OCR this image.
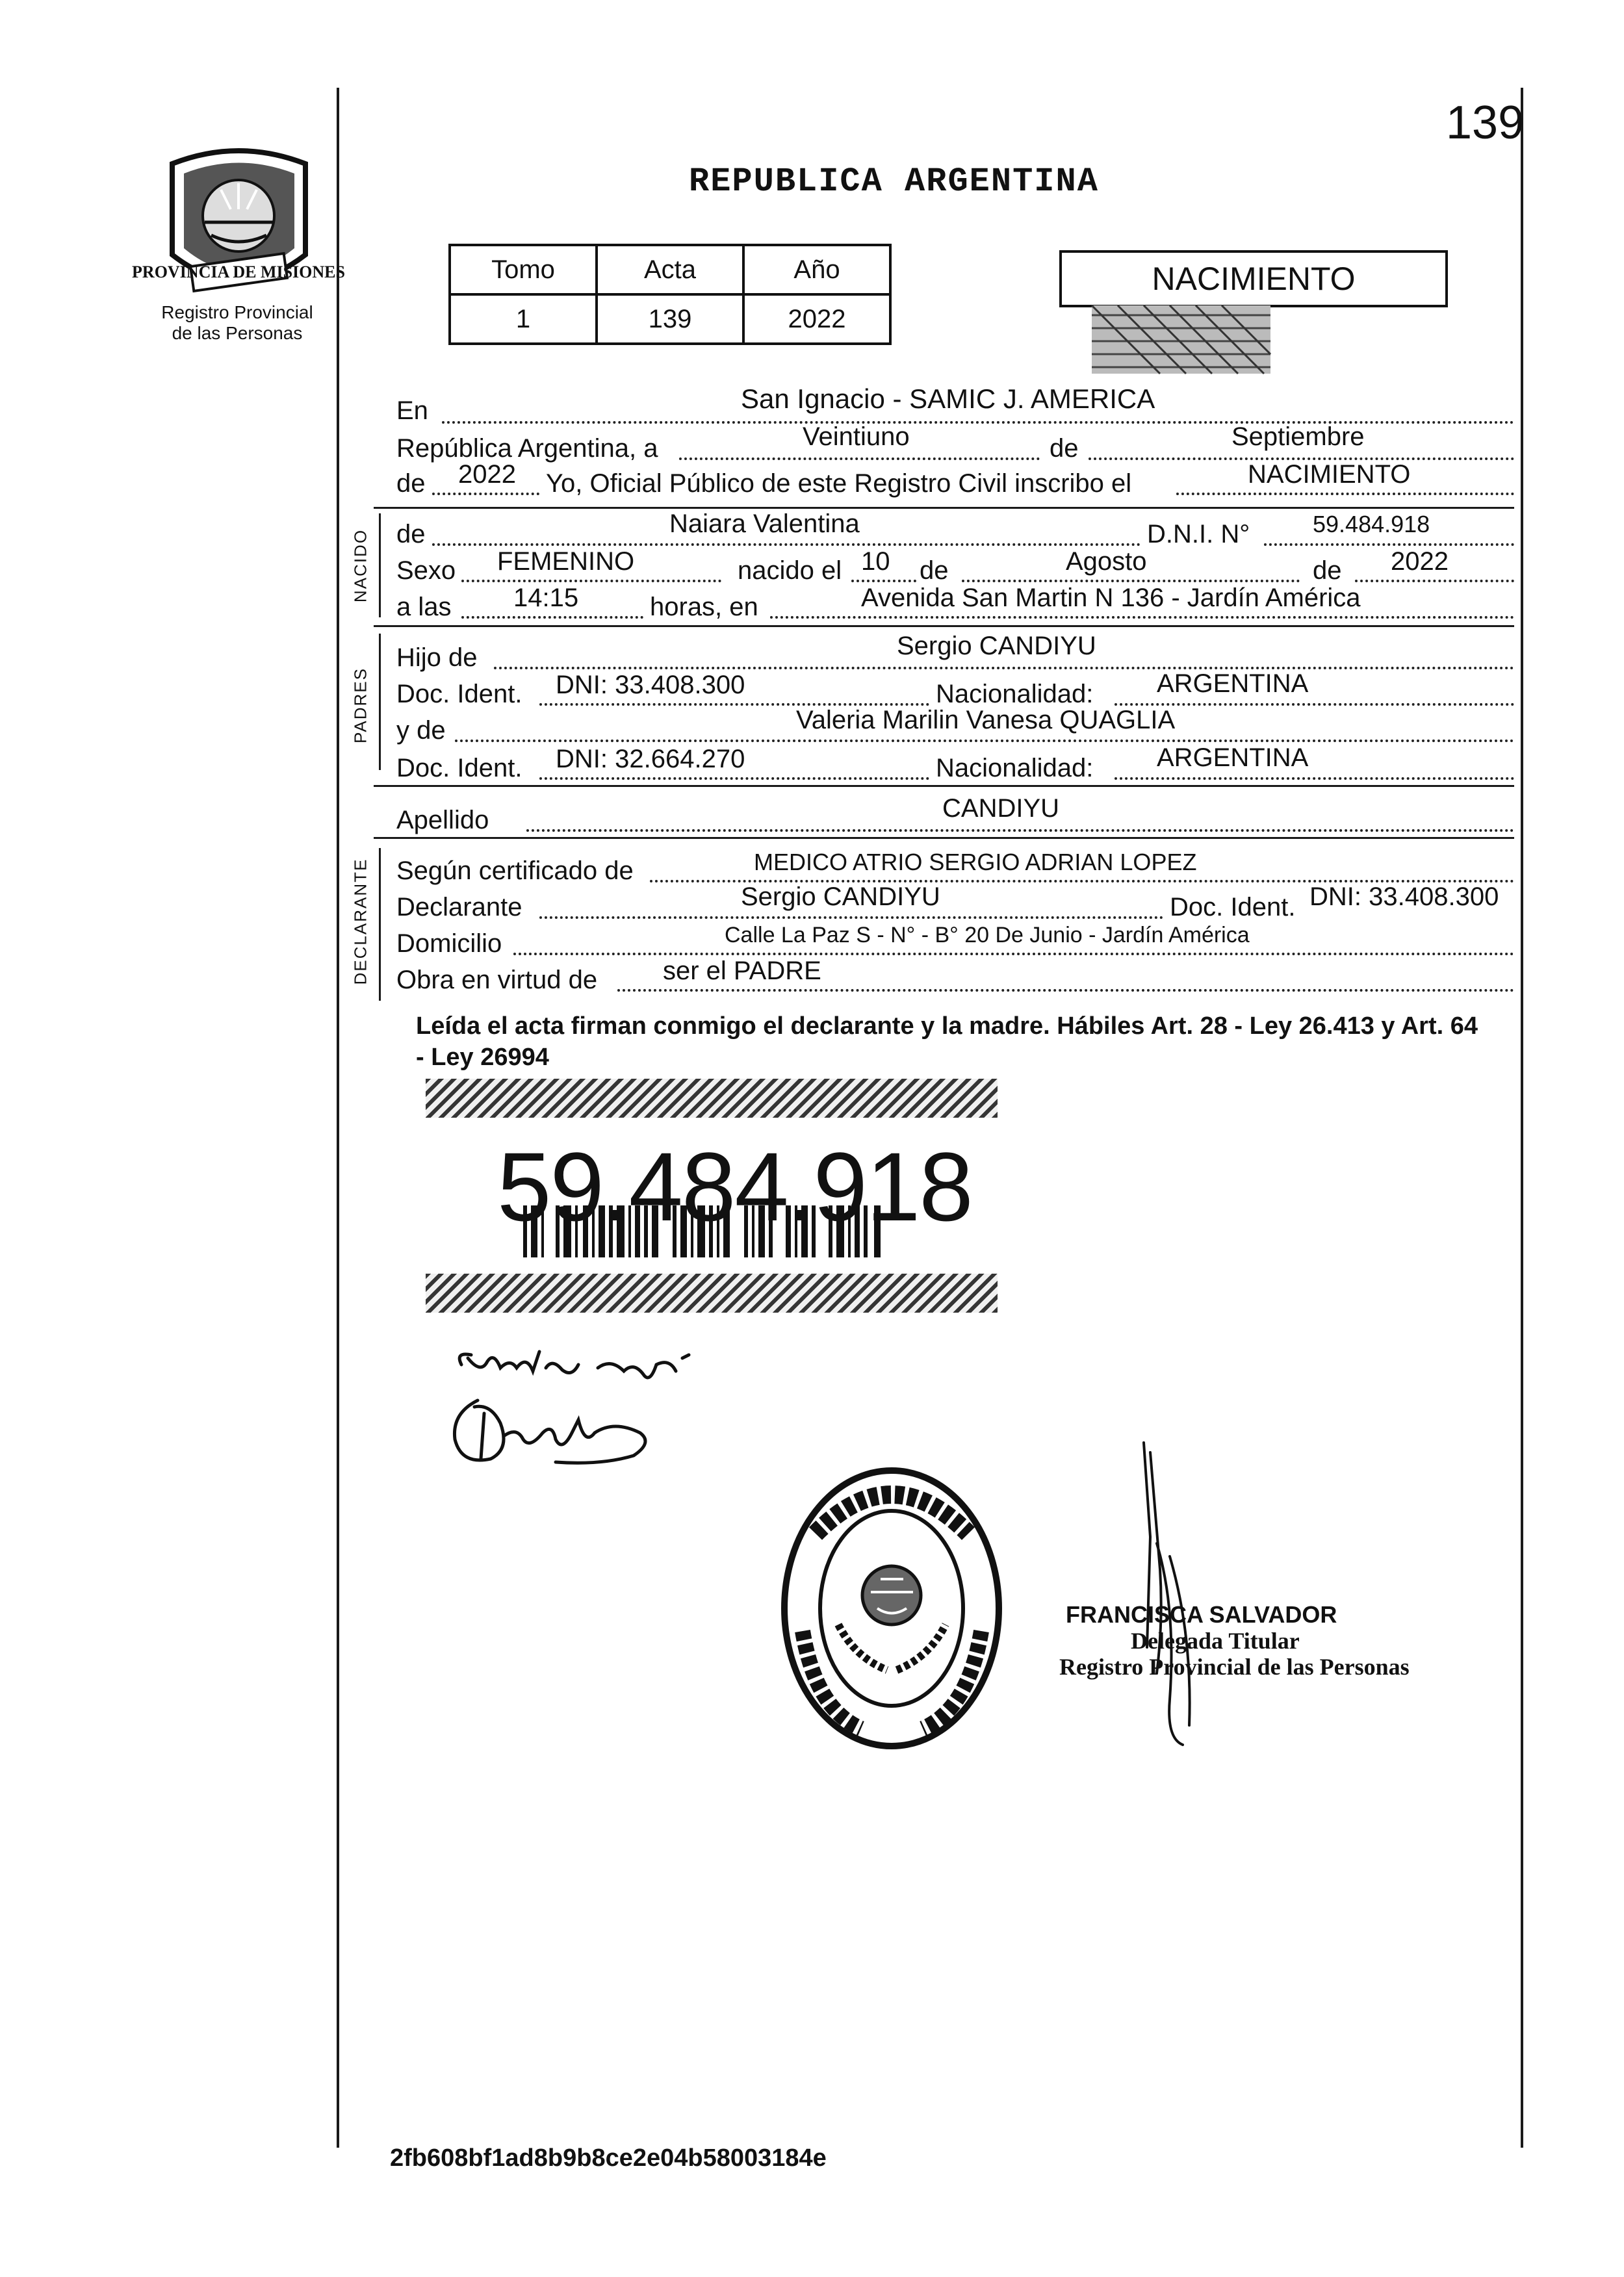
139
PROVINCIA DE MISIONES
Registro Provincial
de las Personas
REPUBLICA ARGENTINA
Tomo	Acta	Año
1	139	2022
NACIMIENTO
En	San Ignacio - SAMIC J. AMERICA
República Argentina, a	Veintiuno	de	Septiembre
de 2022 Yo, Oficial Público de este Registro Civil inscribo el	NACIMIENTO
NACIDO de	Naiara Valentina	D.N.I. N°	59.484.918
Sexo FEMENINO	nacido el 10 de	Agosto	de 2022
a las 14:15	horas, en	Avenida San Martin N 136 - Jardín América
PADRES
Hijo de	Sergio CANDIYU
Doc. Ident. DNI: 33.408.300	Nacionalidad: ARGENTINA
y de	Valeria Marilin Vanesa QUAGLIA
Doc. Ident. DNI: 32.664.270	Nacionalidad: ARGENTINA
Apellido	CANDIYU
DECLARANTE Según certificado de	MEDICO ATRIO SERGIO ADRIAN LOPEZ
Declarante	Sergio CANDIYU	Doc. Ident. DNI: 33.408.300
Domicilio	Calle La Paz S - N° - B° 20 De Junio - Jardín América
Obra en virtud de	ser el PADRE
Leída el acta firman conmigo el declarante y la madre. Hábiles Art. 28 - Ley 26.413 y Art. 64 - Ley 26994
59.484.918
FRANCISCA SALVADOR
Delegada Titular
Registro Provincial de las Personas
2fb608bf1ad8b9b8ce2e04b58003184e
